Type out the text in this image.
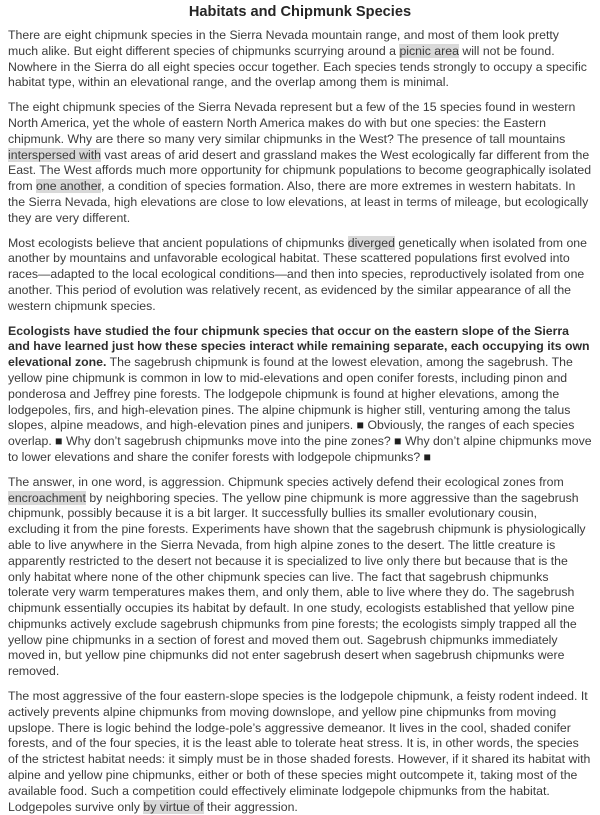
Habitats and Chipmunk Species

There are eight chipmunk species in the Sierra Nevada mountain range, and most of them look pretty much alike. But eight different species of chipmunks scurrying around a picnic area will not be found. Nowhere in the Sierra do all eight species occur together. Each species tends strongly to occupy a specific habitat type, within an elevational range, and the overlap among them is minimal.

The eight chipmunk species of the Sierra Nevada represent but a few of the 15 species found in western North America, yet the whole of eastern North America makes do with but one species: the Eastern chipmunk. Why are there so many very similar chipmunks in the West? The presence of tall mountains interspersed with vast areas of arid desert and grassland makes the West ecologically far different from the East. The West affords much more opportunity for chipmunk populations to become geographically isolated from one another, a condition of species formation. Also, there are more extremes in western habitats. In the Sierra Nevada, high elevations are close to low elevations, at least in terms of mileage, but ecologically they are very different.

Most ecologists believe that ancient populations of chipmunks diverged genetically when isolated from one another by mountains and unfavorable ecological habitat. These scattered populations first evolved into races—adapted to the local ecological conditions—and then into species, reproductively isolated from one another. This period of evolution was relatively recent, as evidenced by the similar appearance of all the western chipmunk species.

Ecologists have studied the four chipmunk species that occur on the eastern slope of the Sierra and have learned just how these species interact while remaining separate, each occupying its own elevational zone. The sagebrush chipmunk is found at the lowest elevation, among the sagebrush. The yellow pine chipmunk is common in low to mid-elevations and open conifer forests, including pinon and ponderosa and Jeffrey pine forests. The lodgepole chipmunk is found at higher elevations, among the lodgepoles, firs, and high-elevation pines. The alpine chipmunk is higher still, venturing among the talus slopes, alpine meadows, and high-elevation pines and junipers. ■ Obviously, the ranges of each species overlap. ■ Why don’t sagebrush chipmunks move into the pine zones? ■ Why don’t alpine chipmunks move to lower elevations and share the conifer forests with lodgepole chipmunks? ■

The answer, in one word, is aggression. Chipmunk species actively defend their ecological zones from encroachment by neighboring species. The yellow pine chipmunk is more aggressive than the sagebrush chipmunk, possibly because it is a bit larger. It successfully bullies its smaller evolutionary cousin, excluding it from the pine forests. Experiments have shown that the sagebrush chipmunk is physiologically able to live anywhere in the Sierra Nevada, from high alpine zones to the desert. The little creature is apparently restricted to the desert not because it is specialized to live only there but because that is the only habitat where none of the other chipmunk species can live. The fact that sagebrush chipmunks tolerate very warm temperatures makes them, and only them, able to live where they do. The sagebrush chipmunk essentially occupies its habitat by default. In one study, ecologists established that yellow pine chipmunks actively exclude sagebrush chipmunks from pine forests; the ecologists simply trapped all the yellow pine chipmunks in a section of forest and moved them out. Sagebrush chipmunks immediately moved in, but yellow pine chipmunks did not enter sagebrush desert when sagebrush chipmunks were removed.

The most aggressive of the four eastern-slope species is the lodgepole chipmunk, a feisty rodent indeed. It actively prevents alpine chipmunks from moving downslope, and yellow pine chipmunks from moving upslope. There is logic behind the lodge-pole’s aggressive demeanor. It lives in the cool, shaded conifer forests, and of the four species, it is the least able to tolerate heat stress. It is, in other words, the species of the strictest habitat needs: it simply must be in those shaded forests. However, if it shared its habitat with alpine and yellow pine chipmunks, either or both of these species might outcompete it, taking most of the available food. Such a competition could effectively eliminate lodgepole chipmunks from the habitat. Lodgepoles survive only by virtue of their aggression.
